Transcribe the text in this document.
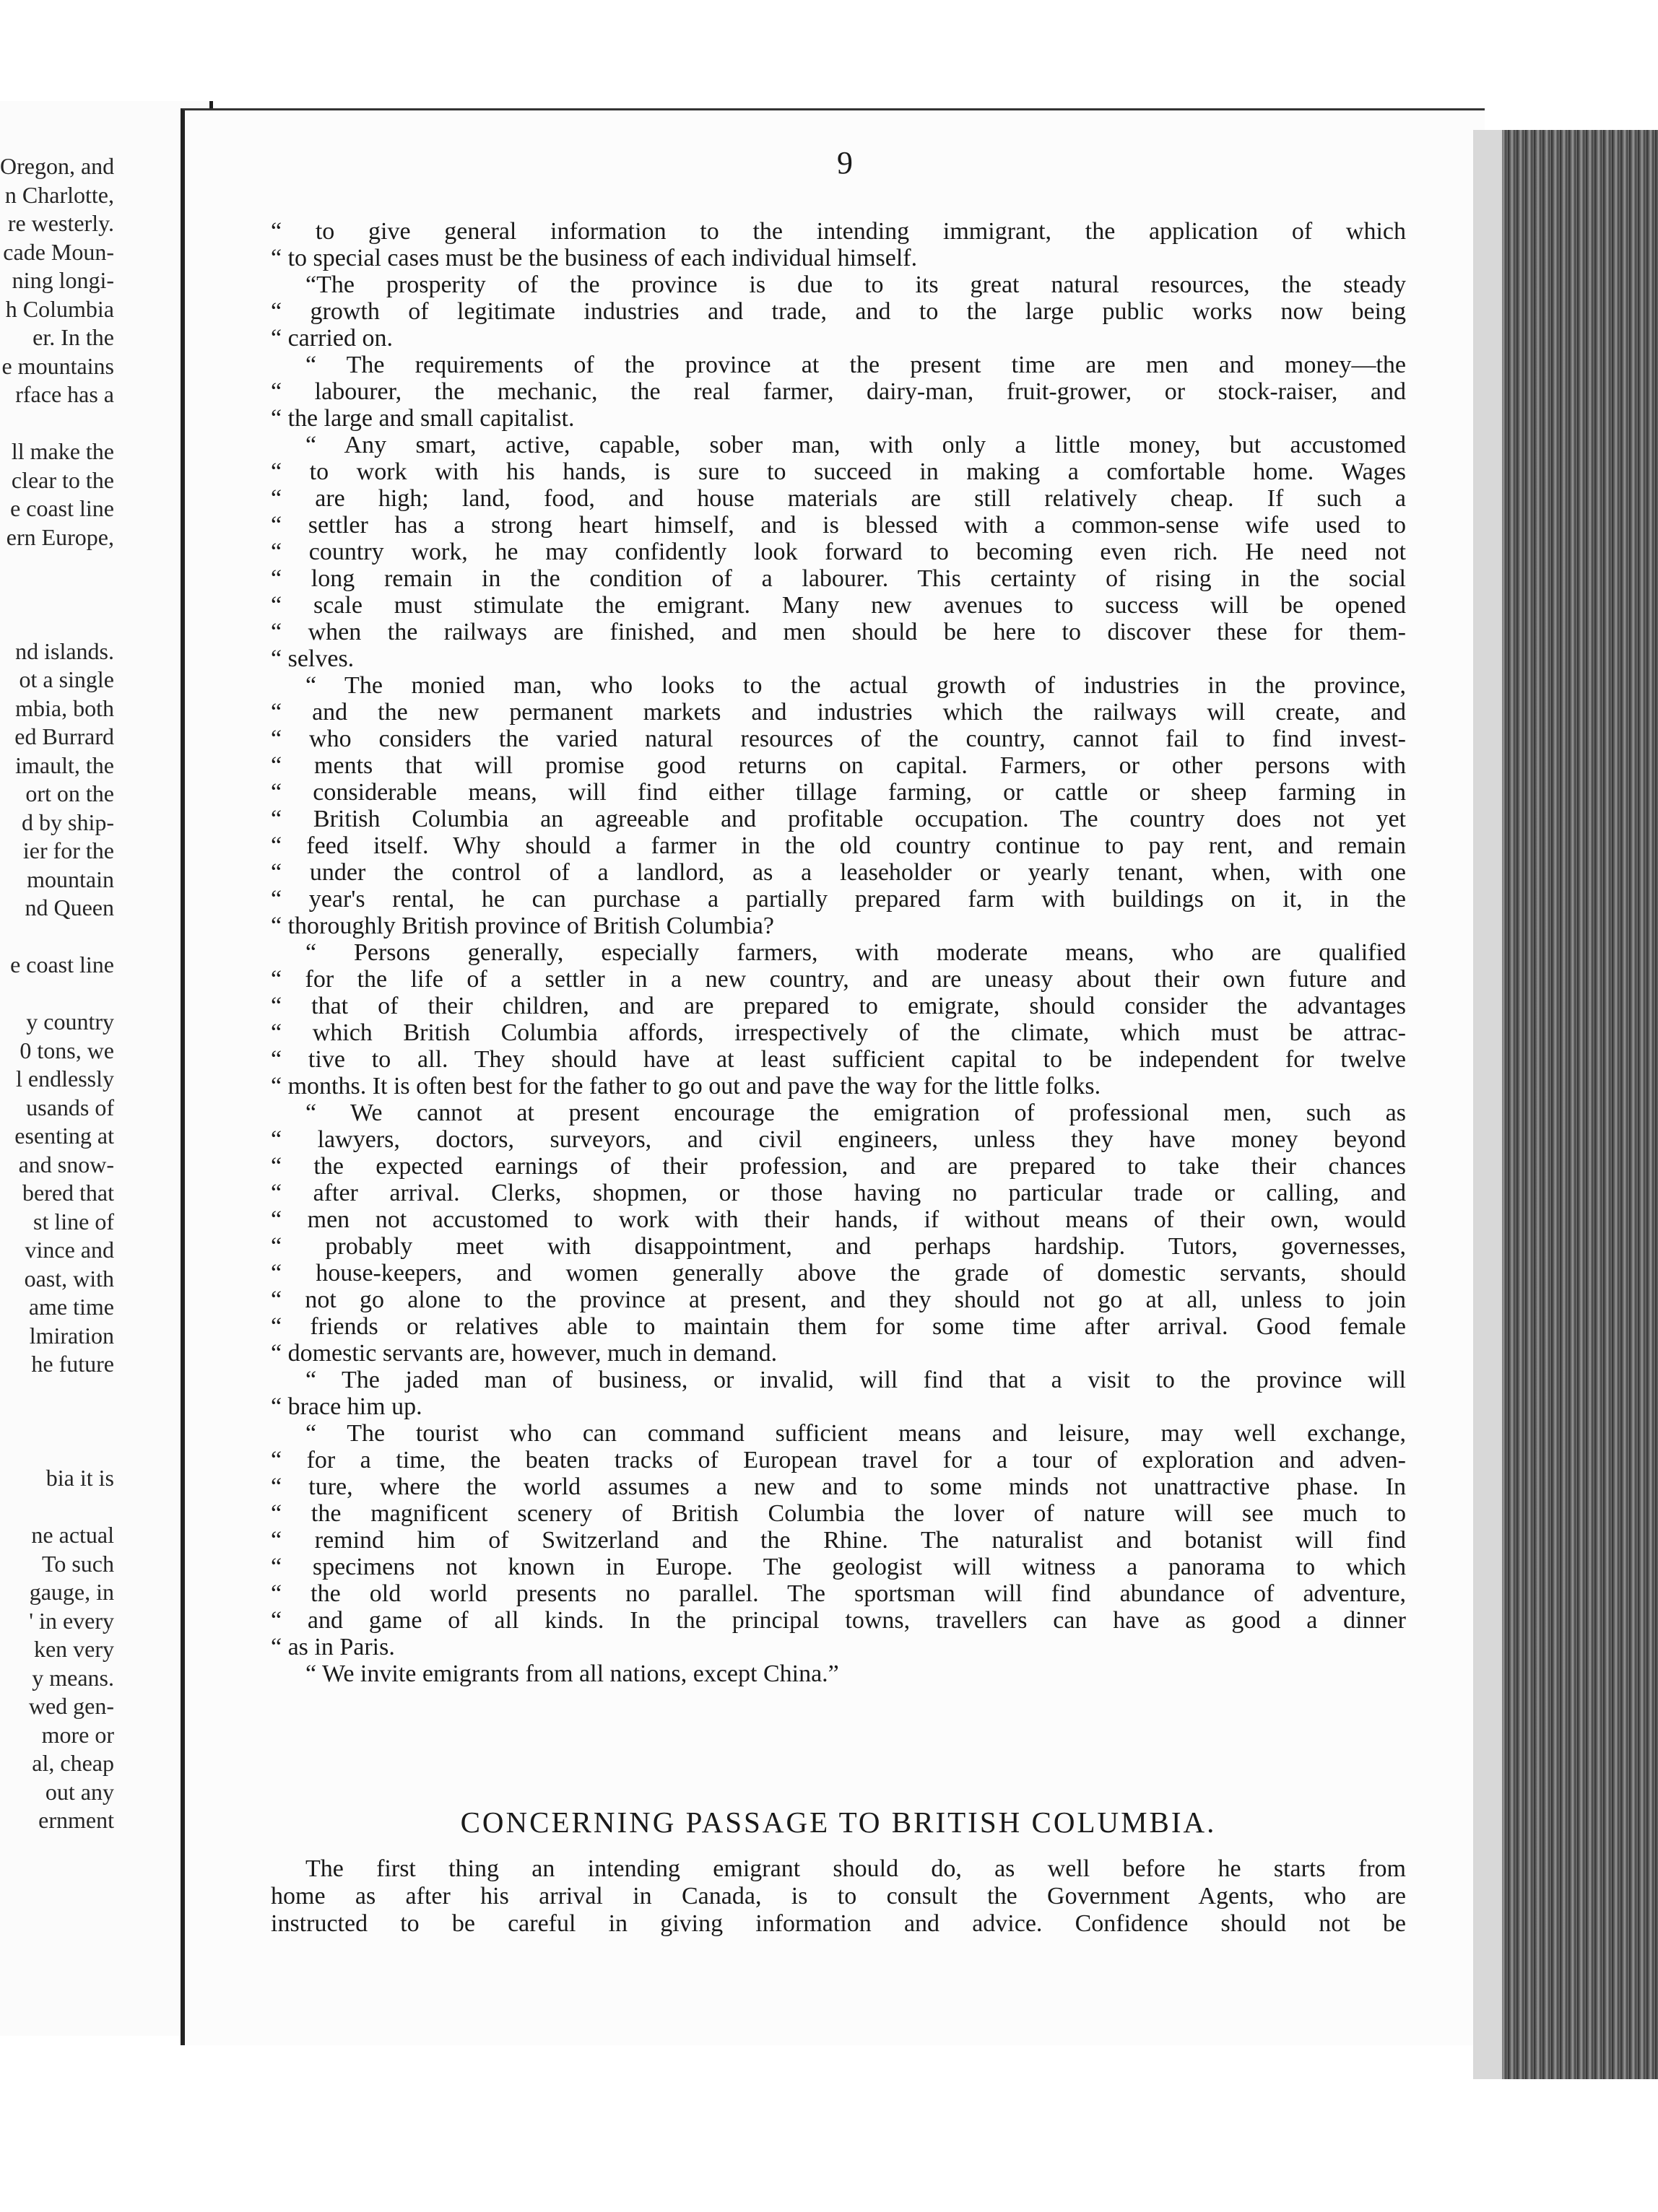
Oregon, and
n Charlotte,
re westerly.
cade Moun-
ning longi-
h Columbia
er. In the
e mountains
rface has a
ll make the
clear to the
e coast line
ern Europe,
nd islands.
ot a single
mbia, both
ed Burrard
imault, the
ort on the
d by ship-
ier for the
mountain
nd Queen
e coast line
y country
0 tons, we
l endlessly
usands of
esenting at
and snow-
bered that
st line of
vince and
oast, with
ame time
lmiration
he future
bia it is
ne actual
To such
gauge, in
' in every
ken very
y means.
wed gen-
more or
al, cheap
out any
ernment
9
“ to give general information to the intending immigrant, the application of which
“ to special cases must be the business of each individual himself.
“The prosperity of the province is due to its great natural resources, the steady
“ growth of legitimate industries and trade, and to the large public works now being
“ carried on.
“ The requirements of the province at the present time are men and money—the
“ labourer, the mechanic, the real farmer, dairy-man, fruit-grower, or stock-raiser, and
“ the large and small capitalist.
“ Any smart, active, capable, sober man, with only a little money, but accustomed
“ to work with his hands, is sure to succeed in making a comfortable home. Wages
“ are high; land, food, and house materials are still relatively cheap. If such a
“ settler has a strong heart himself, and is blessed with a common-sense wife used to
“ country work, he may confidently look forward to becoming even rich. He need not
“ long remain in the condition of a labourer. This certainty of rising in the social
“ scale must stimulate the emigrant. Many new avenues to success will be opened
“ when the railways are finished, and men should be here to discover these for them-
“ selves.
“ The monied man, who looks to the actual growth of industries in the province,
“ and the new permanent markets and industries which the railways will create, and
“ who considers the varied natural resources of the country, cannot fail to find invest-
“ ments that will promise good returns on capital. Farmers, or other persons with
“ considerable means, will find either tillage farming, or cattle or sheep farming in
“ British Columbia an agreeable and profitable occupation. The country does not yet
“ feed itself. Why should a farmer in the old country continue to pay rent, and remain
“ under the control of a landlord, as a leaseholder or yearly tenant, when, with one
“ year's rental, he can purchase a partially prepared farm with buildings on it, in the
“ thoroughly British province of British Columbia?
“ Persons generally, especially farmers, with moderate means, who are qualified
“ for the life of a settler in a new country, and are uneasy about their own future and
“ that of their children, and are prepared to emigrate, should consider the advantages
“ which British Columbia affords, irrespectively of the climate, which must be attrac-
“ tive to all. They should have at least sufficient capital to be independent for twelve
“ months. It is often best for the father to go out and pave the way for the little folks.
“ We cannot at present encourage the emigration of professional men, such as
“ lawyers, doctors, surveyors, and civil engineers, unless they have money beyond
“ the expected earnings of their profession, and are prepared to take their chances
“ after arrival. Clerks, shopmen, or those having no particular trade or calling, and
“ men not accustomed to work with their hands, if without means of their own, would
“ probably meet with disappointment, and perhaps hardship. Tutors, governesses,
“ house-keepers, and women generally above the grade of domestic servants, should
“ not go alone to the province at present, and they should not go at all, unless to join
“ friends or relatives able to maintain them for some time after arrival. Good female
“ domestic servants are, however, much in demand.
“ The jaded man of business, or invalid, will find that a visit to the province will
“ brace him up.
“ The tourist who can command sufficient means and leisure, may well exchange,
“ for a time, the beaten tracks of European travel for a tour of exploration and adven-
“ ture, where the world assumes a new and to some minds not unattractive phase. In
“ the magnificent scenery of British Columbia the lover of nature will see much to
“ remind him of Switzerland and the Rhine. The naturalist and botanist will find
“ specimens not known in Europe. The geologist will witness a panorama to which
“ the old world presents no parallel. The sportsman will find abundance of adventure,
“ and game of all kinds. In the principal towns, travellers can have as good a dinner
“ as in Paris.
“ We invite emigrants from all nations, except China.”
CONCERNING PASSAGE TO BRITISH COLUMBIA.
The first thing an intending emigrant should do, as well before he starts from
home as after his arrival in Canada, is to consult the Government Agents, who are
instructed to be careful in giving information and advice. Confidence should not be
